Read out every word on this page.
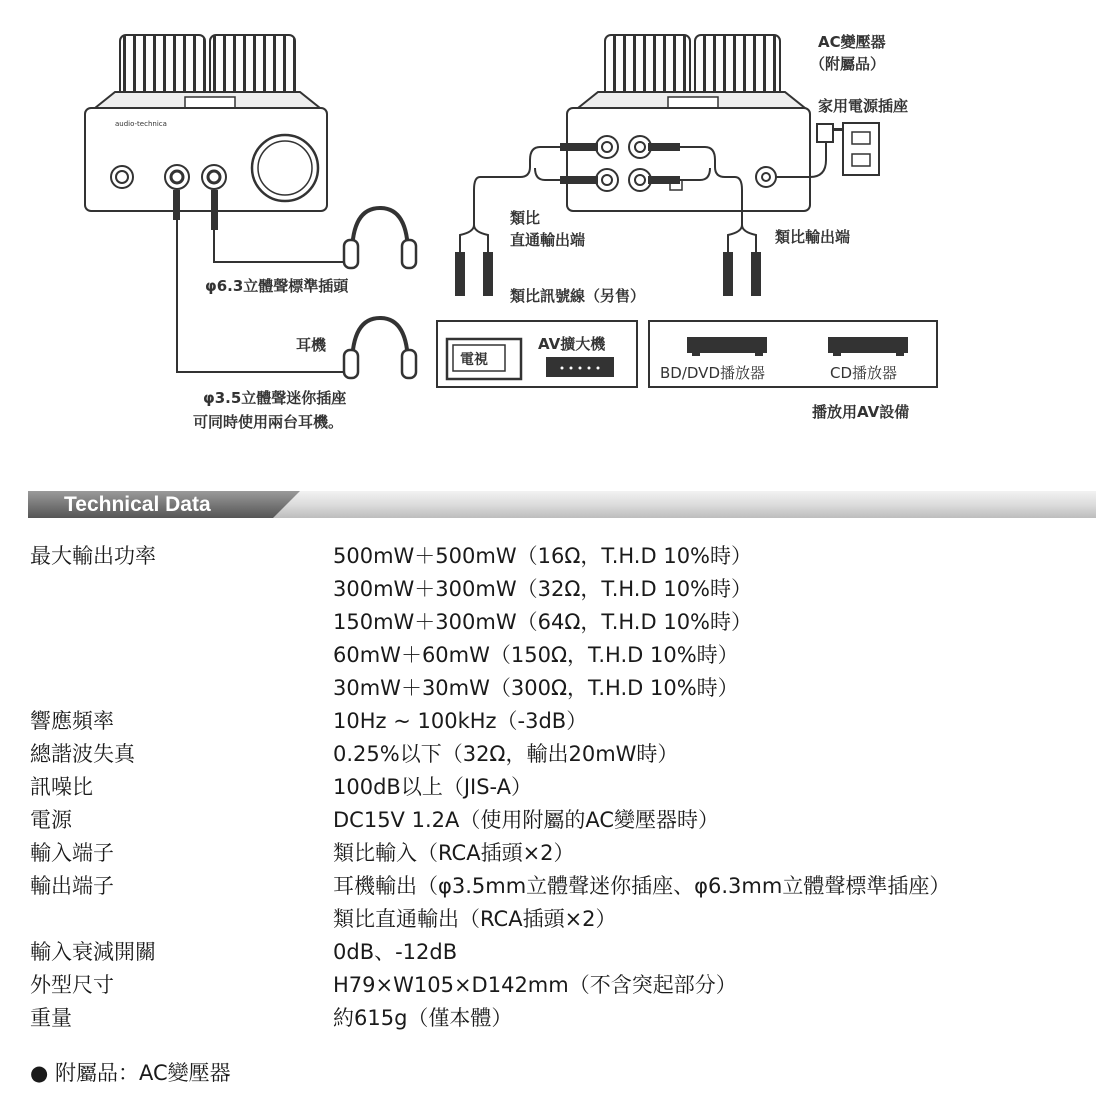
audio-technica
φ6.3立體聲標準插頭
耳機
φ3.5立體聲迷你插座
可同時使用兩台耳機。
AC變壓器
（附屬品）
家用電源插座
類比
直通輸出端	類比輸出端
類比訊號線（另售）
電視
AV擴大機
BD/DVD播放器	CD播放器
播放用AV設備
Technical Data
最大輸出功率	500mW＋500mW（16Ω，T.H.D 10%時）
300mW＋300mW（32Ω，T.H.D 10%時）
150mW＋300mW（64Ω，T.H.D 10%時）
60mW＋60mW（150Ω，T.H.D 10%時）
30mW＋30mW（300Ω，T.H.D 10%時）
響應頻率	10Hz ~ 100kHz（-3dB）
總諧波失真	0.25%以下（32Ω，輸出20mW時）
訊噪比	100dB以上（JIS-A）
電源	DC15V 1.2A（使用附屬的AC變壓器時）
輸入端子	類比輸入（RCA插頭×2）
輸出端子	耳機輸出（φ3.5mm立體聲迷你插座、φ6.3mm立體聲標準插座）
類比直通輸出（RCA插頭×2）
輸入衰減開關	0dB、-12dB
外型尺寸	H79×W105×D142mm（不含突起部分）
重量	約615g（僅本體）
● 附屬品：AC變壓器
